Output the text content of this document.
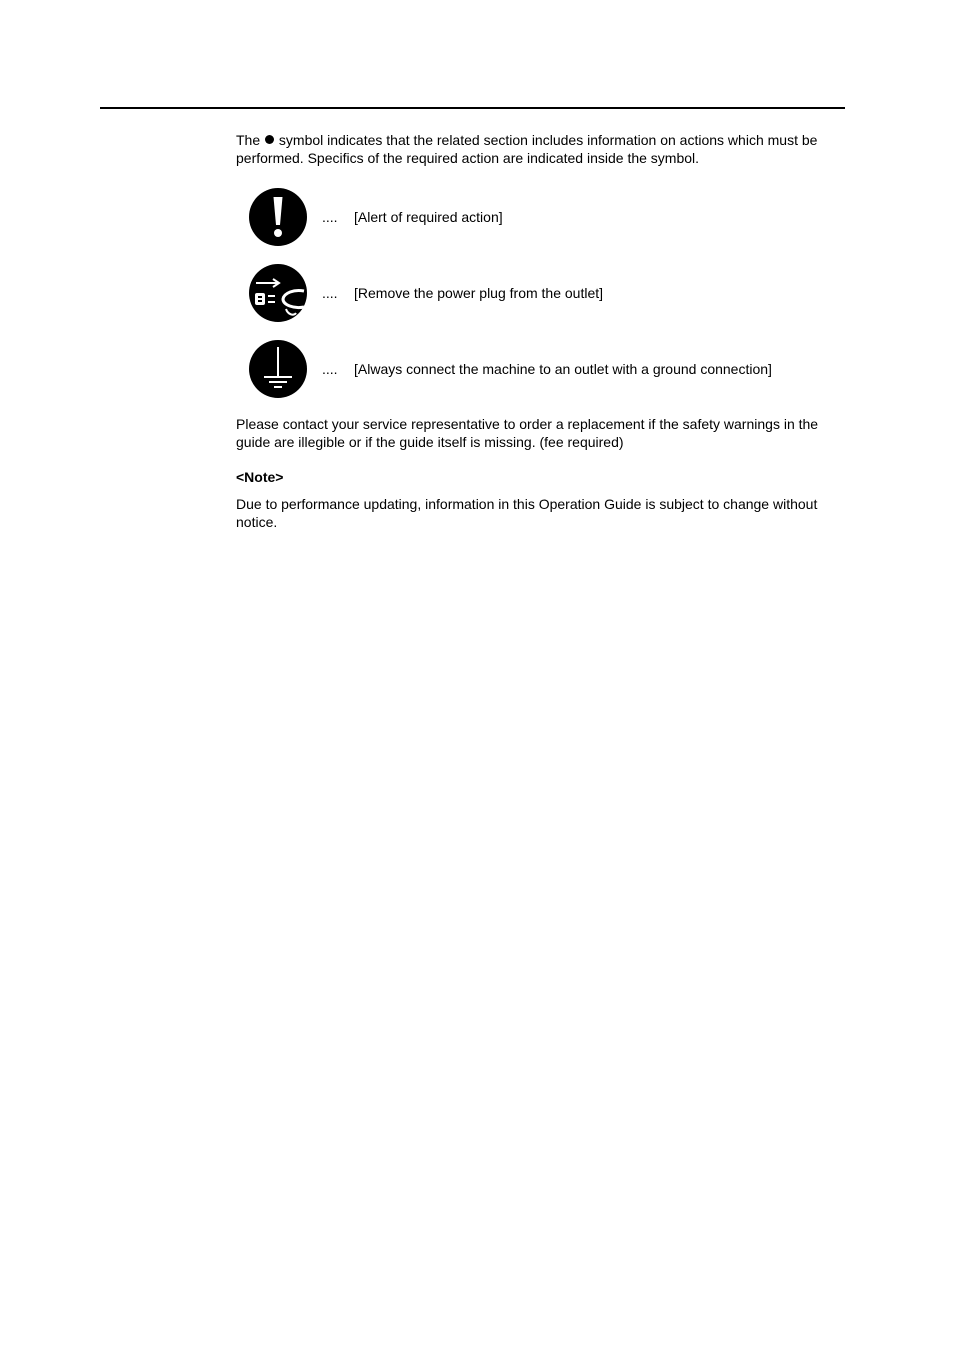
The symbol indicates that the related section includes information on actions which must be performed. Specifics of the required action are indicated inside the symbol.

....	[Alert of required action]
....	[Remove the power plug from the outlet]
....	[Always connect the machine to an outlet with a ground connection]

Please contact your service representative to order a replacement if the safety warnings in the guide are illegible or if the guide itself is missing. (fee required)

<Note>

Due to performance updating, information in this Operation Guide is subject to change without notice.
